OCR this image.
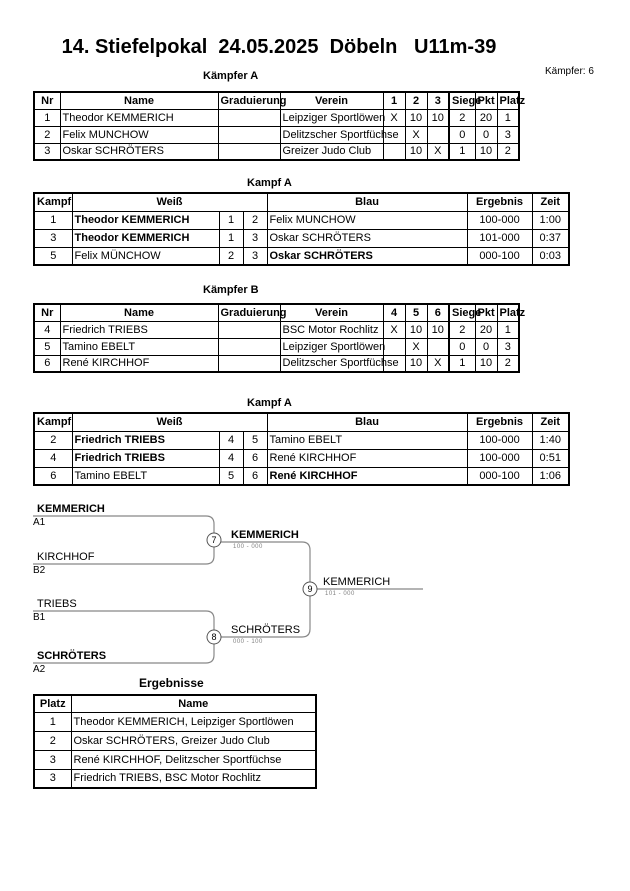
14. Stiefelpokal  24.05.2025  Döbeln   U11m-39
Kämpfer A	Kämpfer: 6
Nr	Name	Graduierung	Verein	1	2	3	Siege	Pkt	Platz
1	Theodor KEMMERICH		Leipziger Sportlöwen	X	10	10	2	20	1
2	Felix MUNCHOW		Delitzscher Sportfüchse		X		0	0	3
3	Oskar SCHRÖTERS		Greizer Judo Club		10	X	1	10	2
Kampf A
Kampf	Weiß			Blau	Ergebnis	Zeit
1	Theodor KEMMERICH	1	2	Felix MUNCHOW	100-000	1:00
3	Theodor KEMMERICH	1	3	Oskar SCHRÖTERS	101-000	0:37
5	Felix MÜNCHOW	2	3	Oskar SCHRÖTERS	000-100	0:03
Kämpfer B
Nr	Name	Graduierung	Verein	4	5	6	Siege	Pkt	Platz
4	Friedrich TRIEBS		BSC Motor Rochlitz	X	10	10	2	20	1
5	Tamino EBELT		Leipziger Sportlöwen		X		0	0	3
6	René KIRCHHOF		Delitzscher Sportfüchse		10	X	1	10	2
Kampf A
Kampf	Weiß			Blau	Ergebnis	Zeit
2	Friedrich TRIEBS	4	5	Tamino EBELT	100-000	1:40
4	Friedrich TRIEBS	4	6	René KIRCHHOF	100-000	0:51
6	Tamino EBELT	5	6	René KIRCHHOF	000-100	1:06
KEMMERICH
A1
KIRCHHOF
B2
TRIEBS
B1
SCHRÖTERS
A2
7	KEMMERICH
100 - 000
8
SCHRÖTERS
000 - 100
9
KEMMERICH
101 - 000
Ergebnisse
Platz	Name
1	Theodor KEMMERICH, Leipziger Sportlöwen
2	Oskar SCHRÖTERS, Greizer Judo Club
3	René KIRCHHOF, Delitzscher Sportfüchse
3	Friedrich TRIEBS, BSC Motor Rochlitz
